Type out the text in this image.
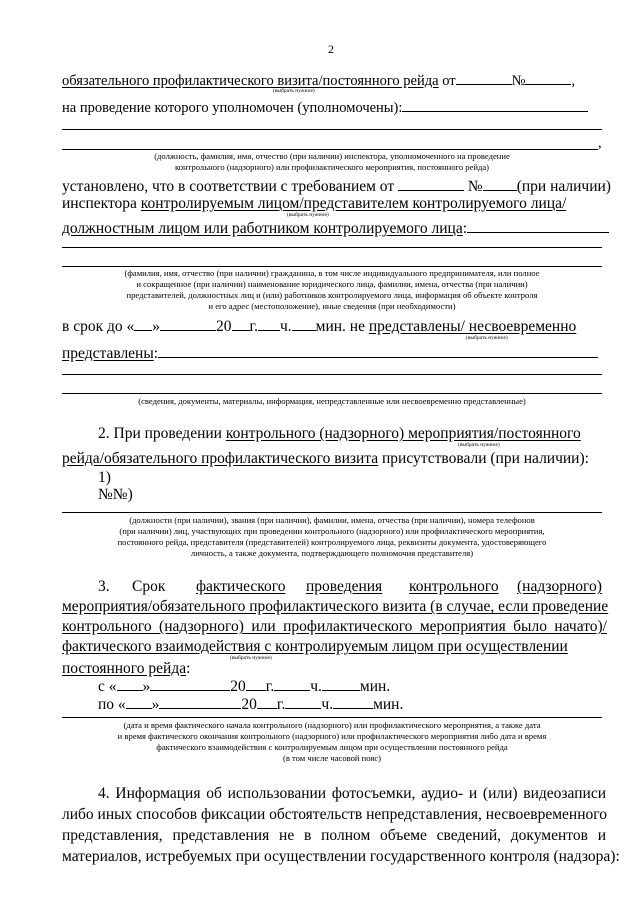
2
обязательного профилактического визита/постоянного рейда от	№	,
(выбрать нужное)
на проведение которого уполномочен (уполномочены):
,
(должность, фамилия, имя, отчество (при наличии) инспектора, уполномоченного на проведение
контрольного (надзорного) или профилактического мероприятия, постоянного рейда)
установлено, что в соответствии с требованием от	№ (при наличии)
инспектора контролируемым лицом/представителем контролируемого лица/
(выбрать нужное)
должностным лицом или работником контролируемого лица:
(фамилия, имя, отчество (при наличии) гражданина, в том числе индивидуального предпринимателя, или полное
и сокращенное (при наличии) наименование юридического лица, фамилии, имена, отчества (при наличии)
представителей, должностных лиц и (или) работников контролируемого лица, информация об объекте контроля
и его адрес (местоположение), иные сведения (при необходимости)
в срок до « »	20 г. ч. мин. не представлены/ несвоевременно
(выбрать нужное)
представлены:
(сведения, документы, материалы, информация, непредставленные или несвоевременно представленные)
2. При проведении контрольного (надзорного) мероприятия/постоянного
(выбрать нужное)
рейда/обязательного профилактического визита присутствовали (при наличии):
1)
№№)
(должности (при наличии), звания (при наличии), фамилии, имена, отчества (при наличии), номера телефонов
(при наличии) лиц, участвующих при проведении контрольного (надзорного) или профилактического мероприятия,
постоянного рейда, представителя (представителей) контролируемого лица, реквизиты документа, удостоверяющего
личность, а также документа, подтверждающего полномочия представителя)
3. Срок фактического проведения контрольного (надзорного)
мероприятия/обязательного профилактического визита (в случае, если проведение
контрольного (надзорного) или профилактического мероприятия было начато)/
фактического взаимодействия с контролируемым лицом при осуществлении
(выбрать нужное)
постоянного рейда:
с « »	20 г. ч. мин.
по « »	20 г. ч.	мин.
(дата и время фактического начала контрольного (надзорного) или профилактического мероприятия, а также дата
и время фактического окончания контрольного (надзорного) или профилактического мероприятия либо дата и время
фактического взаимодействия с контролируемым лицом при осуществлении постоянного рейда
(в том числе часовой пояс)
4. Информация об использовании фотосъемки, аудио- и (или) видеозаписи
либо иных способов фиксации обстоятельств непредставления, несвоевременного
представления, представления не в полном объеме сведений, документов и
материалов, истребуемых при осуществлении государственного контроля (надзора):
